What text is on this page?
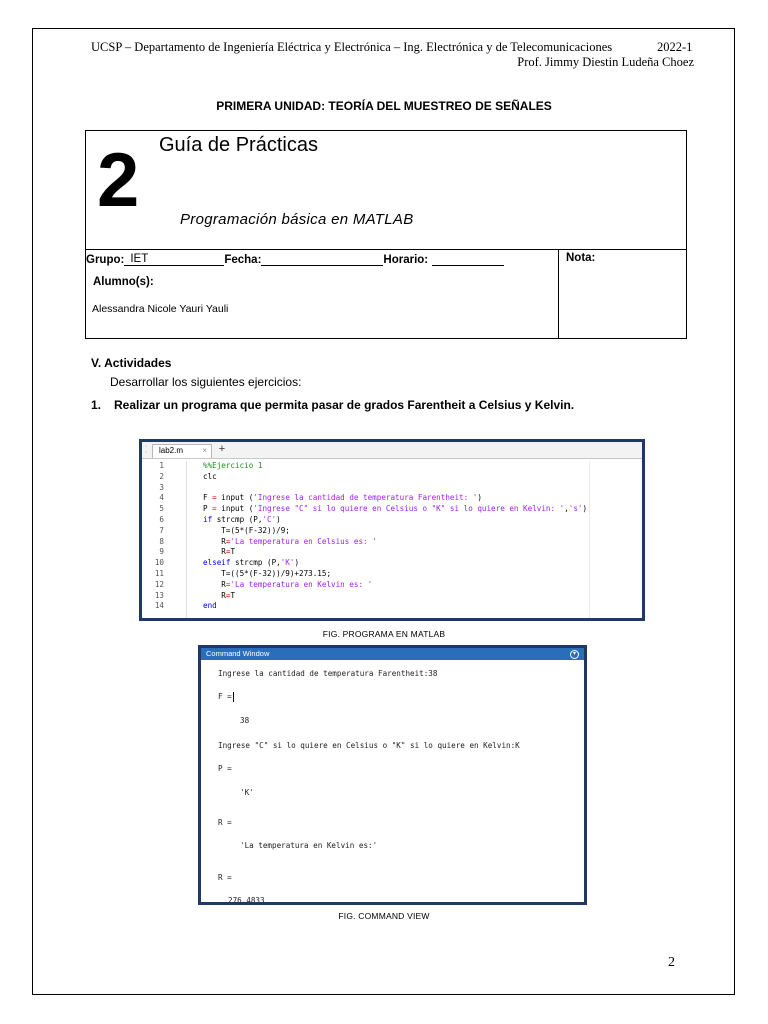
UCSP – Departamento de Ingeniería Eléctrica y Electrónica – Ing. Electrónica y de Telecomunicaciones	2022-1
Prof. Jimmy Diestin Ludeña Choez
PRIMERA UNIDAD: TEORÍA DEL MUESTREO DE SEÑALES
2 Guía de Prácticas
Programación básica en MATLAB
Grupo: IET	Fecha:	Horario:	Nota:
Alumno(s):
Alessandra Nicole Yauri Yauli
V. Actividades
Desarrollar los siguientes ejercicios:
1. Realizar un programa que permita pasar de grados Farentheit a Celsius y Kelvin.
·
·	lab2.m ×	+
1	%%Ejercicio 1
2	clc
3
4	F = input ('Ingrese la cantidad de temperatura Farentheit: ')
5	P = input ('Ingrese "C" si lo quiere en Celsius o "K" si lo quiere en Kelvin: ','s')
6	if strcmp (P,'C')
7	T=(5*(F-32))/9;
8	R='La temperatura en Celsius es: '
9	R=T
10	elseif strcmp (P,'K')
11	T=((5*(F-32))/9)+273.15;
12	R='La temperatura en Kelvin es: '
13	R=T
14	end
FIG. PROGRAMA EN MATLAB
Command Window	▾
Ingrese la cantidad de temperatura Farentheit:38
F =
38
Ingrese "C" si lo quiere en Celsius o "K" si lo quiere en Kelvin:K
P =
'K'
R =
'La temperatura en Kelvin es:'
R =
276.4833
FIG. COMMAND VIEW
2
